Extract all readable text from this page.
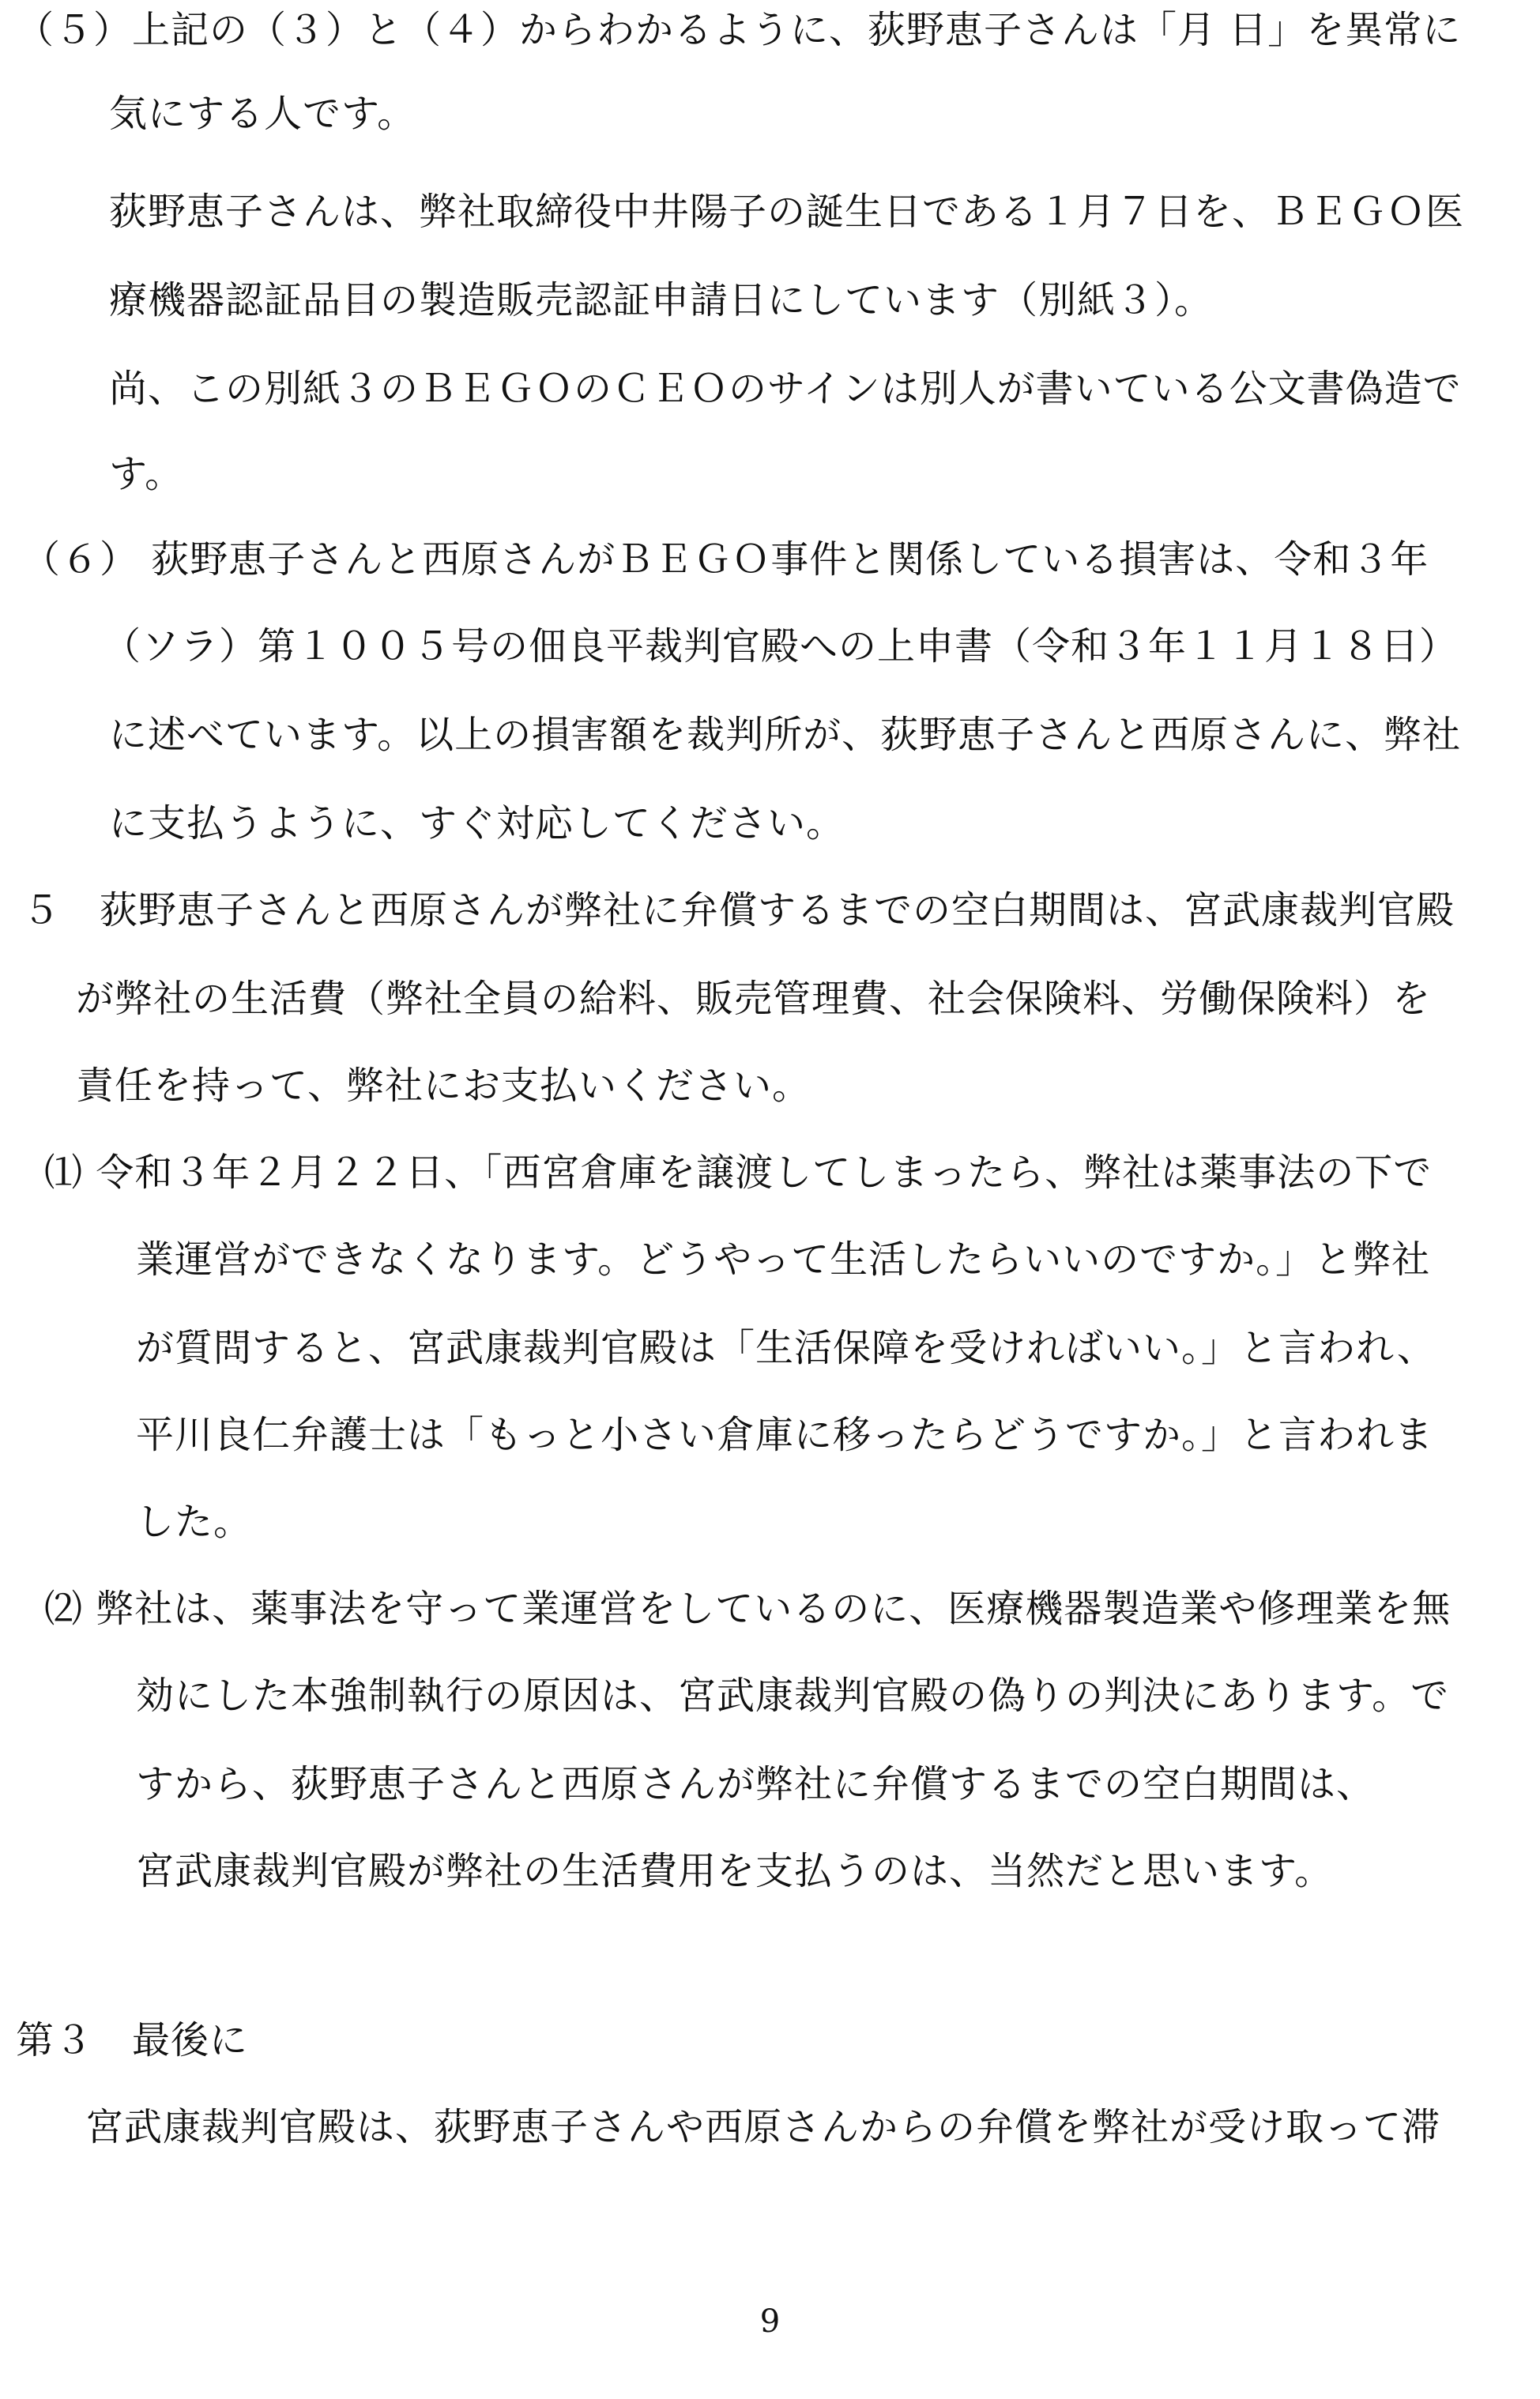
（５）上記の（３）と（４）からわかるように、荻野恵子さんは「月 日」を異常に
気にする人です。
荻野恵子さんは、弊社取締役中井陽子の誕生日である１月７日を、ＢＥＧＯ医
療機器認証品目の製造販売認証申請日にしています（別紙３）。
尚、この別紙３のＢＥＧＯのＣＥＯのサインは別人が書いている公文書偽造で
す。
（６） 荻野恵子さんと西原さんがＢＥＧＯ事件と関係している損害は、令和３年
（ソラ）第１００５号の佃良平裁判官殿への上申書（令和３年１１月１８日）
に述べています。以上の損害額を裁判所が、荻野恵子さんと西原さんに、弊社
に支払うように、すぐ対応してください。
５　荻野恵子さんと西原さんが弊社に弁償するまでの空白期間は、宮武康裁判官殿
が弊社の生活費（弊社全員の給料、販売管理費、社会保険料、労働保険料）を
責任を持って、弊社にお支払いください。
⑴ 令和３年２月２２日、「西宮倉庫を譲渡してしまったら、弊社は薬事法の下で
業運営ができなくなります。どうやって生活したらいいのですか。」と弊社
が質問すると、宮武康裁判官殿は「生活保障を受ければいい。」と言われ、
平川良仁弁護士は「もっと小さい倉庫に移ったらどうですか。」と言われま
した。
⑵ 弊社は、薬事法を守って業運営をしているのに、医療機器製造業や修理業を無
効にした本強制執行の原因は、宮武康裁判官殿の偽りの判決にあります。で
すから、荻野恵子さんと西原さんが弊社に弁償するまでの空白期間は、
宮武康裁判官殿が弊社の生活費用を支払うのは、当然だと思います。
第３　最後に
宮武康裁判官殿は、荻野恵子さんや西原さんからの弁償を弊社が受け取って滞
9
